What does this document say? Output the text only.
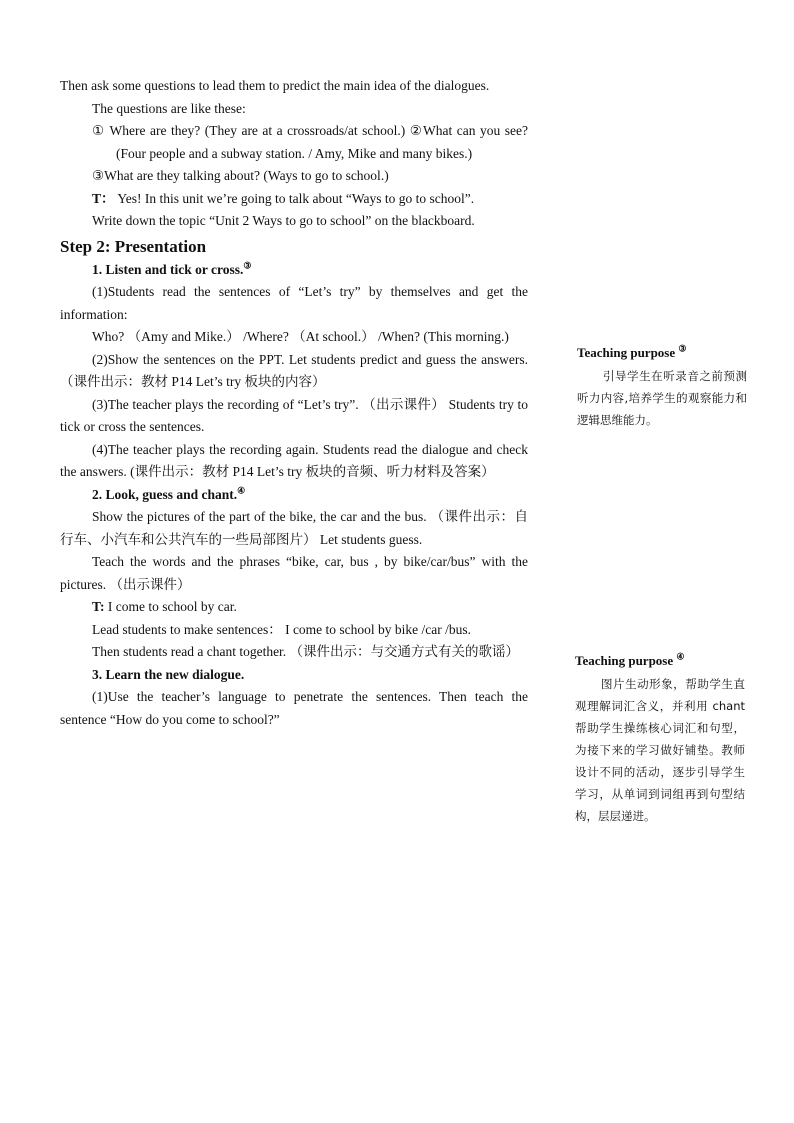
Then ask some questions to lead them to predict the main idea of the dialogues.

The questions are like these:

① Where are they? (They are at a crossroads/at school.) ②What can you see? (Four people and a subway station. / Amy, Mike and many bikes.)

③What are they talking about? (Ways to go to school.)

T： Yes! In this unit we’re going to talk about “Ways to go to school”.

Write down the topic “Unit 2 Ways to go to school” on the blackboard.

Step 2: Presentation

1. Listen and tick or cross.③

(1)Students read the sentences of “Let’s try” by themselves and get the information:

Who? （Amy and Mike.） /Where? （At school.） /When? (This morning.)

(2)Show the sentences on the PPT. Let students predict and guess the answers. （课件出示：教材 P14 Let’s try 板块的内容）

(3)The teacher plays the recording of “Let’s try”. （出示课件） Students try to tick or cross the sentences.

(4)The teacher plays the recording again. Students read the dialogue and check the answers. (课件出示：教材 P14 Let’s try 板块的音频、听力材料及答案）

2. Look, guess and chant.④

Show the pictures of the part of the bike, the car and the bus. （课件出示：自行车、小汽车和公共汽车的一些局部图片） Let students guess.

Teach the words and the phrases “bike, car, bus , by bike/car/bus” with the pictures. （出示课件）

T: I come to school by car.

Lead students to make sentences： I come to school by bike /car /bus.

Then students read a chant together. （课件出示：与交通方式有关的歌谣）

3. Learn the new dialogue.

(1)Use the teacher’s language to penetrate the sentences. Then teach the sentence “How do you come to school?”

Teaching purpose ③

引导学生在听录音之前预测听力内容,培养学生的观察能力和逻辑思维能力。

Teaching purpose ④

图片生动形象，帮助学生直观理解词汇含义，并利用 chant 帮助学生操练核心词汇和句型，为接下来的学习做好铺垫。教师设计不同的活动，逐步引导学生学习，从单词到词组再到句型结构，层层递进。
